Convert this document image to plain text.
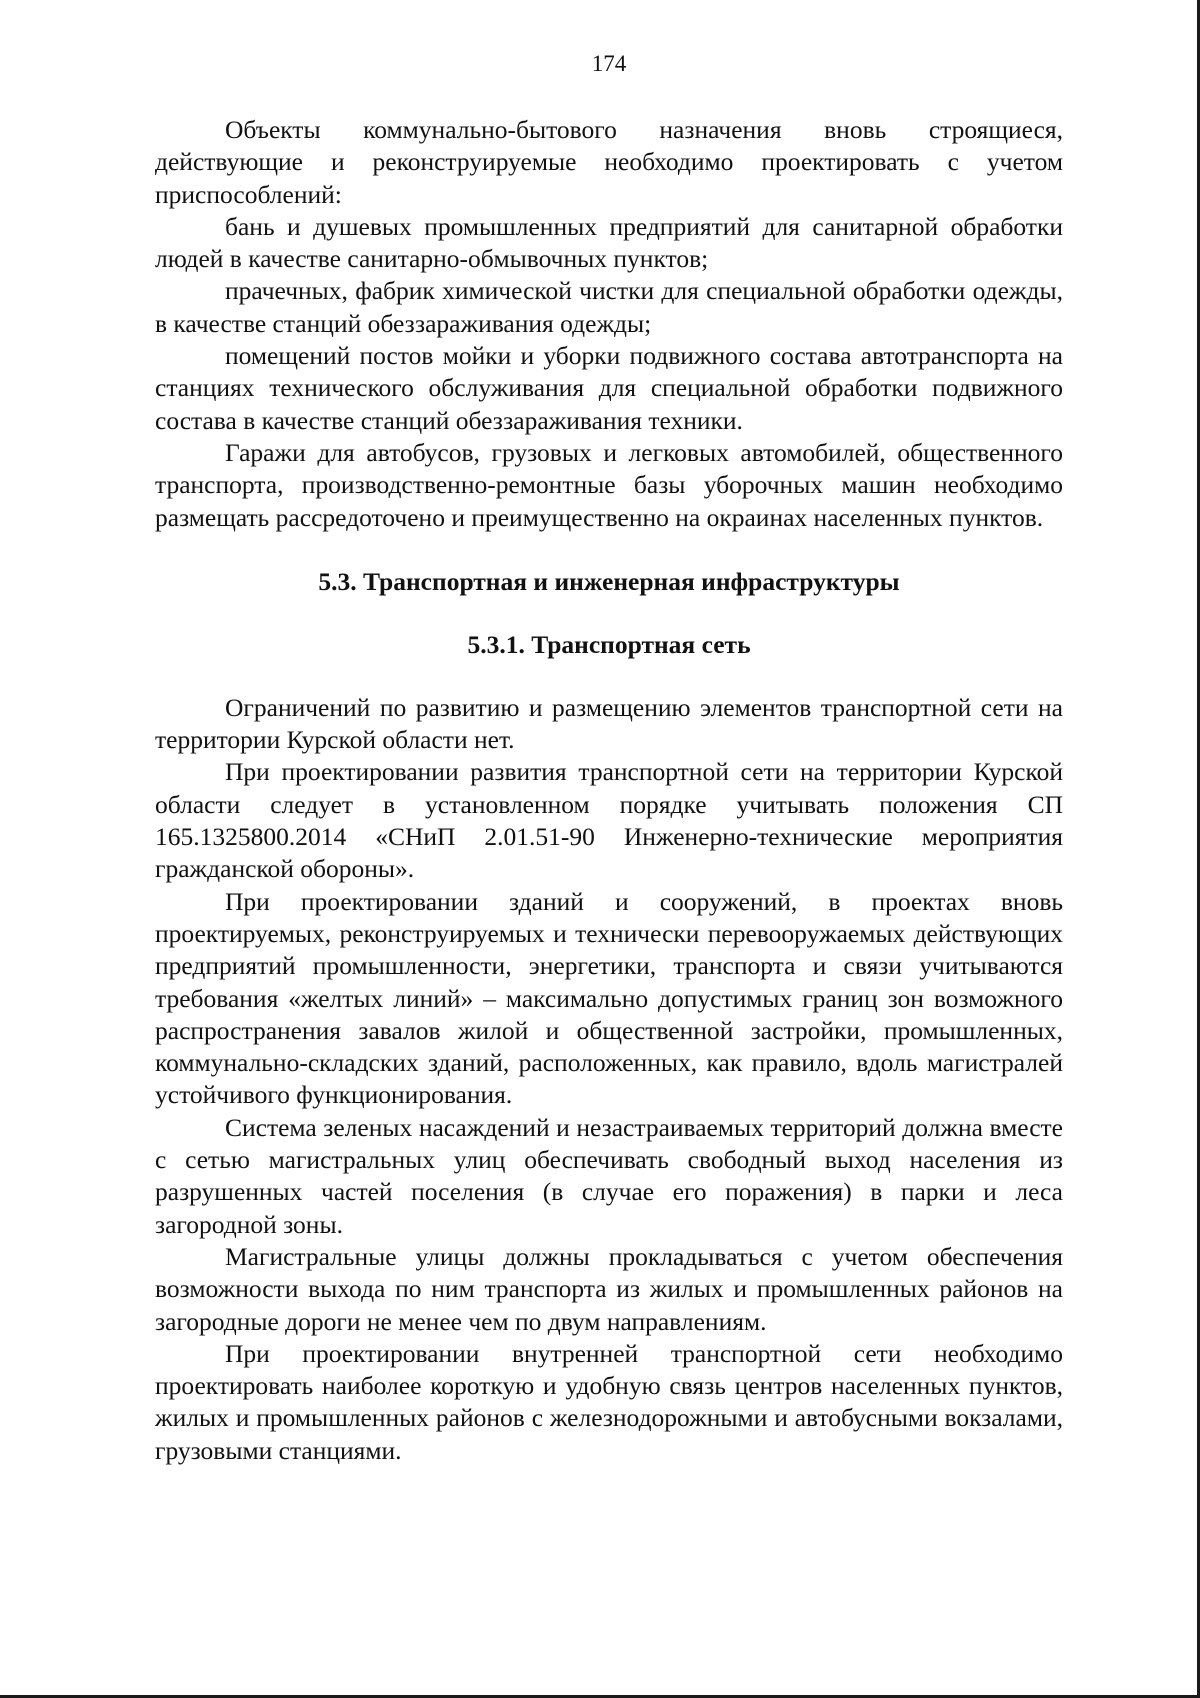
174

Объекты коммунально-бытового назначения вновь строящиеся, действующие и реконструируемые необходимо проектировать с учетом приспособлений:

бань и душевых промышленных предприятий для санитарной обработки людей в качестве санитарно-обмывочных пунктов;

прачечных, фабрик химической чистки для специальной обработки одежды, в качестве станций обеззараживания одежды;

помещений постов мойки и уборки подвижного состава автотранспорта на станциях технического обслуживания для специальной обработки подвижного состава в качестве станций обеззараживания техники.

Гаражи для автобусов, грузовых и легковых автомобилей, общественного транспорта, производственно-ремонтные базы уборочных машин необходимо размещать рассредоточено и преимущественно на окраинах населенных пунктов.

5.3. Транспортная и инженерная инфраструктуры
5.3.1. Транспортная сеть

Ограничений по развитию и размещению элементов транспортной сети на территории Курской области нет.

При проектировании развития транспортной сети на территории Курской области следует в установленном порядке учитывать положения СП 165.1325800.2014 «СНиП 2.01.51-90 Инженерно-технические мероприятия гражданской обороны».

При проектировании зданий и сооружений, в проектах вновь проектируемых, реконструируемых и технически перевооружаемых действующих предприятий промышленности, энергетики, транспорта и связи учитываются требования «желтых линий» – максимально допустимых границ зон возможного распространения завалов жилой и общественной застройки, промышленных, коммунально-складских зданий, расположенных, как правило, вдоль магистралей устойчивого функционирования.

Система зеленых насаждений и незастраиваемых территорий должна вместе с сетью магистральных улиц обеспечивать свободный выход населения из разрушенных частей поселения (в случае его поражения) в парки и леса загородной зоны.

Магистральные улицы должны прокладываться с учетом обеспечения возможности выхода по ним транспорта из жилых и промышленных районов на загородные дороги не менее чем по двум направлениям.

При проектировании внутренней транспортной сети необходимо проектировать наиболее короткую и удобную связь центров населенных пунктов, жилых и промышленных районов с железнодорожными и автобусными вокзалами, грузовыми станциями.
